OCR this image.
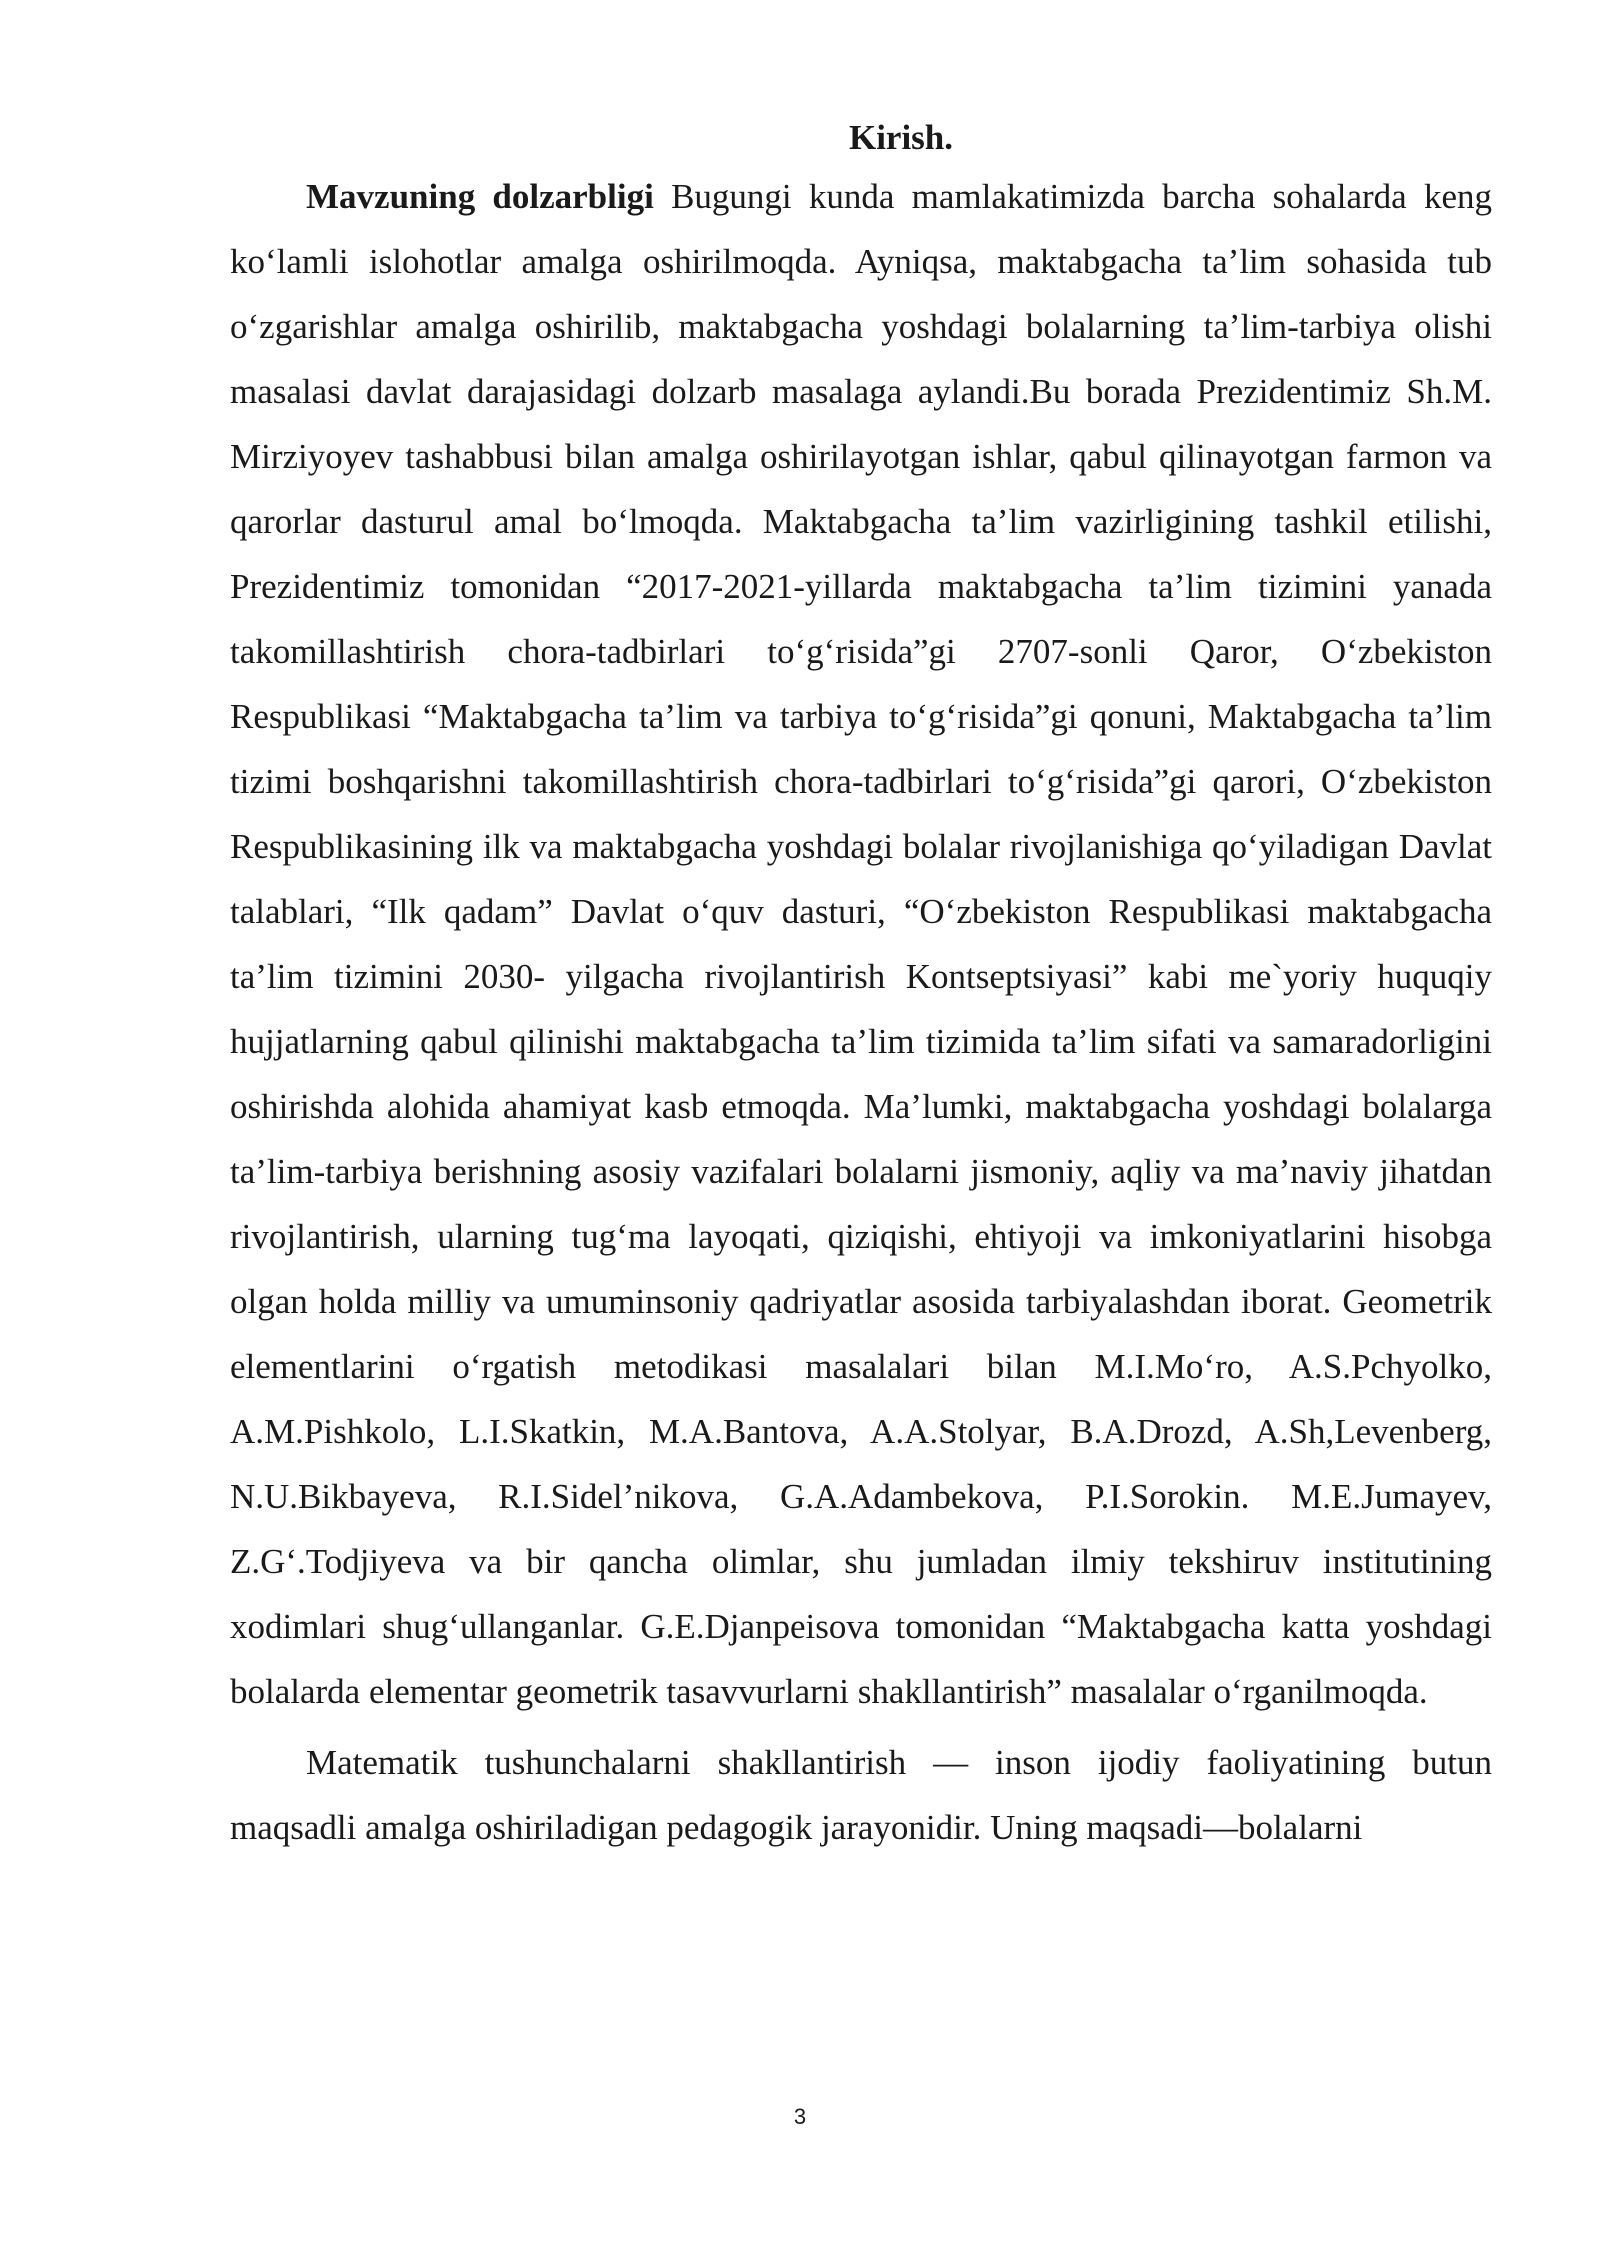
Kirish.

Mavzuning dolzarbligi Bugungi kunda mamlakatimizda barcha sohalarda keng ko‘lamli islohotlar amalga oshirilmoqda. Ayniqsa, maktabgacha ta’lim sohasida tub o‘zgarishlar amalga oshirilib, maktabgacha yoshdagi bolalarning ta’lim-tarbiya olishi masalasi davlat darajasidagi dolzarb masalaga aylandi.Bu borada Prezidentimiz Sh.M. Mirziyoyev tashabbusi bilan amalga oshirilayotgan ishlar, qabul qilinayotgan farmon va qarorlar dasturul amal bo‘lmoqda. Maktabgacha ta’lim vazirligining tashkil etilishi, Prezidentimiz tomonidan “2017-2021-yillarda maktabgacha ta’lim tizimini yanada takomillashtirish chora-tadbirlari to‘g‘risida”gi 2707-sonli Qaror, O‘zbekiston Respublikasi “Maktabgacha ta’lim va tarbiya to‘g‘risida”gi qonuni, Maktabgacha ta’lim tizimi boshqarishni takomillashtirish chora-tadbirlari to‘g‘risida”gi qarori, O‘zbekiston Respublikasining ilk va maktabgacha yoshdagi bolalar rivojlanishiga qo‘yiladigan Davlat talablari, “Ilk qadam” Davlat o‘quv dasturi, “O‘zbekiston Respublikasi maktabgacha ta’lim tizimini 2030- yilgacha rivojlantirish Kontseptsiyasi” kabi me`yoriy huquqiy hujjatlarning qabul qilinishi maktabgacha ta’lim tizimida ta’lim sifati va samaradorligini oshirishda alohida ahamiyat kasb etmoqda. Ma’lumki, maktabgacha yoshdagi bolalarga ta’lim-tarbiya berishning asosiy vazifalari bolalarni jismoniy, aqliy va ma’naviy jihatdan rivojlantirish, ularning tug‘ma layoqati, qiziqishi, ehtiyoji va imkoniyatlarini hisobga olgan holda milliy va umuminsoniy qadriyatlar asosida tarbiyalashdan iborat. Geometrik elementlarini o‘rgatish metodikasi masalalari bilan M.I.Mo‘ro, A.S.Pchyolko, A.M.Pishkolo, L.I.Skatkin, M.A.Bantova, A.A.Stolyar, B.A.Drozd, A.Sh,Levenberg, N.U.Bikbayeva, R.I.Sidel’nikova, G.A.Adambekova, P.I.Sorokin. M.E.Jumayev, Z.G‘.Todjiyeva va bir qancha olimlar, shu jumladan ilmiy tekshiruv institutining xodimlari shug‘ullanganlar. G.E.Djanpeisova tomonidan “Maktabgacha katta yoshdagi bolalarda elementar geometrik tasavvurlarni shakllantirish” masalalar o‘rganilmoqda.

Matematik tushunchalarni shakllantirish — inson ijodiy faoliyatining butun maqsadli amalga oshiriladigan pedagogik jarayonidir. Uning maqsadi—bolalarni

3
